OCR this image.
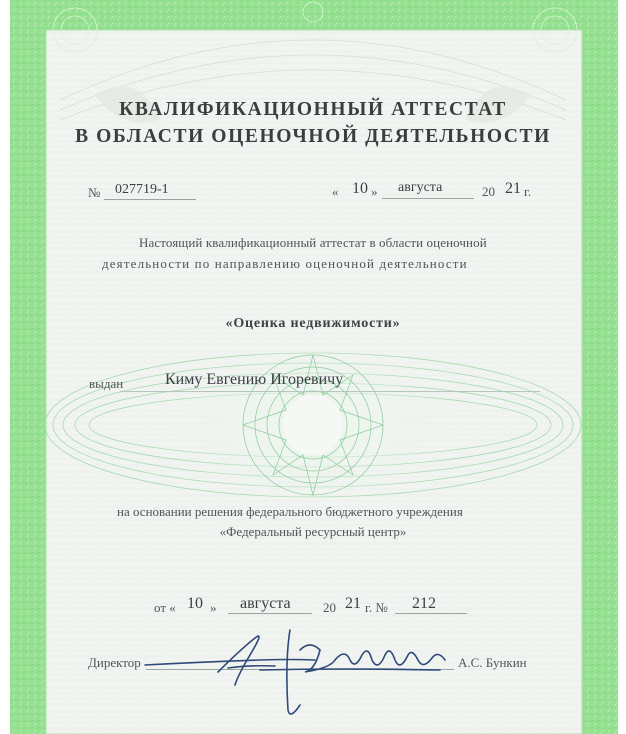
КВАЛИФИКАЦИОННЫЙ АТТЕСТАТ
В ОБЛАСТИ ОЦЕНОЧНОЙ ДЕЯТЕЛЬНОСТИ
№ 027719-1	« 10 » августа	20 21 г.
Настоящий квалификационный аттестат в области оценочной
деятельности по направлению оценочной деятельности
«Оценка недвижимости»
выдан	Киму Евгению Игоревичу
на основании решения федерального бюджетного учреждения
«Федеральный ресурсный центр»
от « 10 » августа 20 21 г. № 212
Директор	А.С. Бункин
